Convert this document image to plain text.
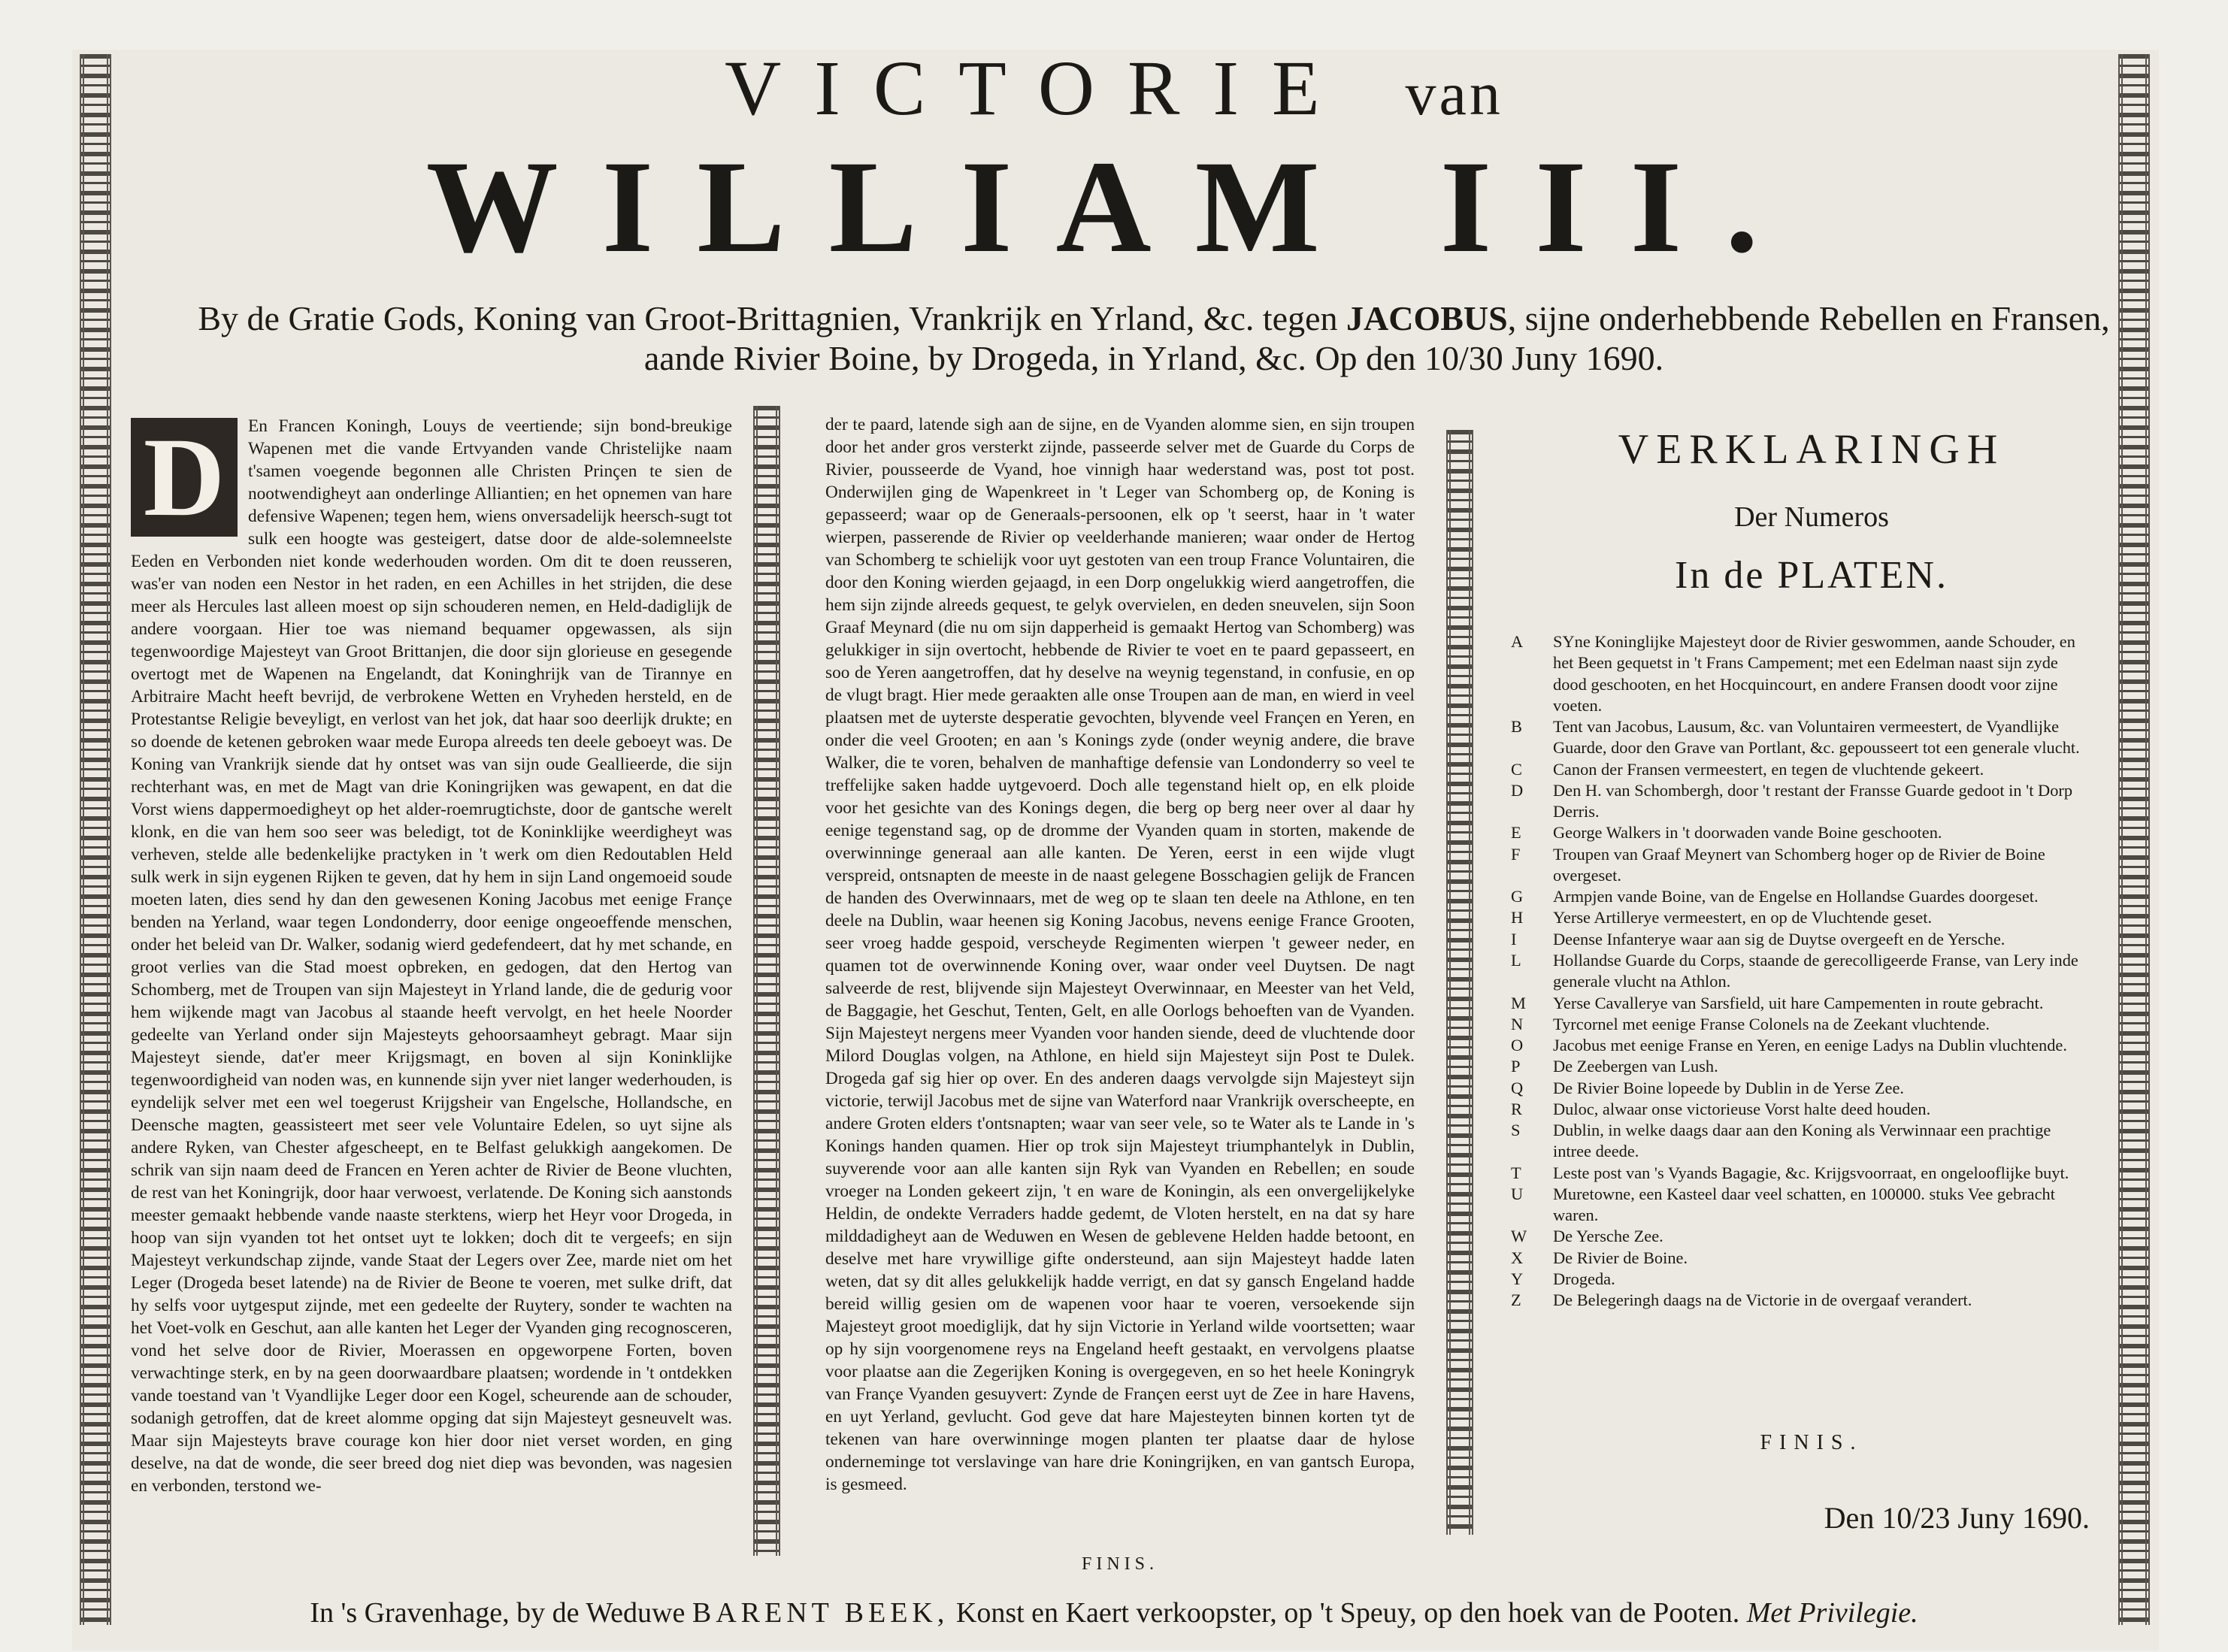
VICTORIE van
WILLIAM III.
By de Gratie Gods, Koning van Groot-Brittagnien, Vrankrijk en Yrland, &c. tegen JACOBUS, sijne onderhebbende Rebellen en Fransen, aande Rivier Boine, by Drogeda, in Yrland, &c. Op den 10/30 Juny 1690.
D	En Francen Koningh, Louys de veertiende; sijn bond-breukige Wapenen met die vande Ertvyanden vande Christelijke naam t'samen voegende begonnen alle Christen Prinçen te sien de nootwendigheyt aan onderlinge Alliantien; en het opnemen van hare defensive Wapenen; tegen hem, wiens onversadelijk heersch-sugt tot sulk een hoogte was gesteigert, datse door de alde-solemneelste Eeden en Verbonden niet konde wederhouden worden. Om dit te doen reusseren, was'er van noden een Nestor in het raden, en een Achilles in het strijden, die dese meer als Hercules last alleen moest op sijn schouderen nemen, en Held-dadiglijk de andere voorgaan. Hier toe was niemand bequamer opgewassen, als sijn tegenwoordige Majesteyt van Groot Brittanjen, die door sijn glorieuse en gesegende overtogt met de Wapenen na Engelandt, dat Koninghrijk van de Tirannye en Arbitraire Macht heeft bevrijd, de verbrokene Wetten en Vryheden hersteld, en de Protestantse Religie beveyligt, en verlost van het jok, dat haar soo deerlijk drukte; en so doende de ketenen gebroken waar mede Europa alreeds ten deele geboeyt was. De Koning van Vrankrijk siende dat hy ontset was van sijn oude Geallieerde, die sijn rechterhant was, en met de Magt van drie Koningrijken was gewapent, en dat die Vorst wiens dappermoedigheyt op het alder-roemrugtichste, door de gantsche werelt klonk, en die van hem soo seer was beledigt, tot de Koninklijke weerdigheyt was verheven, stelde alle bedenkelijke practyken in 't werk om dien Redoutablen Held sulk werk in sijn eygenen Rijken te geven, dat hy hem in sijn Land ongemoeid soude moeten laten, dies send hy dan den gewesenen Koning Jacobus met eenige Françe benden na Yerland, waar tegen Londonderry, door eenige ongeoeffende menschen, onder het beleid van Dr. Walker, sodanig wierd gedefendeert, dat hy met schande, en groot verlies van die Stad moest opbreken, en gedogen, dat den Hertog van Schomberg, met de Troupen van sijn Majesteyt in Yrland lande, die de gedurig voor hem wijkende magt van Jacobus al staande heeft vervolgt, en het heele Noorder gedeelte van Yerland onder sijn Majesteyts gehoorsaamheyt gebragt. Maar sijn Majesteyt siende, dat'er meer Krijgsmagt, en boven al sijn Koninklijke tegenwoordigheid van noden was, en kunnende sijn yver niet langer wederhouden, is eyndelijk selver met een wel toegerust Krijgsheir van Engelsche, Hollandsche, en Deensche magten, geassisteert met seer vele Voluntaire Edelen, so uyt sijne als andere Ryken, van Chester afgescheept, en te Belfast gelukkigh aangekomen. De schrik van sijn naam deed de Francen en Yeren achter de Rivier de Beone vluchten, de rest van het Koningrijk, door haar verwoest, verlatende. De Koning sich aanstonds meester gemaakt hebbende vande naaste sterktens, wierp het Heyr voor Drogeda, in hoop van sijn vyanden tot het ontset uyt te lokken; doch dit te vergeefs; en sijn Majesteyt verkundschap zijnde, vande Staat der Legers over Zee, marde niet om het Leger (Drogeda beset latende) na de Rivier de Beone te voeren, met sulke drift, dat hy selfs voor uytgesput zijnde, met een gedeelte der Ruytery, sonder te wachten na het Voet-volk en Geschut, aan alle kanten het Leger der Vyanden ging recognosceren, vond het selve door de Rivier, Moerassen en opgeworpene Forten, boven verwachtinge sterk, en by na geen doorwaardbare plaatsen; wordende in 't ontdekken vande toestand van 't Vyandlijke Leger door een Kogel, scheurende aan de schouder, sodanigh getroffen, dat de kreet alomme opging dat sijn Majesteyt gesneuvelt was. Maar sijn Majesteyts brave courage kon hier door niet verset worden, en ging deselve, na dat de wonde, die seer breed dog niet diep was bevonden, was nagesien en verbonden, terstond we-
der te paard, latende sigh aan de sijne, en de Vyanden alomme sien, en sijn troupen door het ander gros versterkt zijnde, passeerde selver met de Guarde du Corps de Rivier, pousseerde de Vyand, hoe vinnigh haar wederstand was, post tot post. Onderwijlen ging de Wapenkreet in 't Leger van Schomberg op, de Koning is gepasseerd; waar op de Generaals-persoonen, elk op 't seerst, haar in 't water wierpen, passerende de Rivier op veelderhande manieren; waar onder de Hertog van Schomberg te schielijk voor uyt gestoten van een troup France Voluntairen, die door den Koning wierden gejaagd, in een Dorp ongelukkig wierd aangetroffen, die hem sijn zijnde alreeds gequest, te gelyk overvielen, en deden sneuvelen, sijn Soon Graaf Meynard (die nu om sijn dapperheid is gemaakt Hertog van Schomberg) was gelukkiger in sijn overtocht, hebbende de Rivier te voet en te paard gepasseert, en soo de Yeren aangetroffen, dat hy deselve na weynig tegenstand, in confusie, en op de vlugt bragt. Hier mede geraakten alle onse Troupen aan de man, en wierd in veel plaatsen met de uyterste desperatie gevochten, blyvende veel Françen en Yeren, en onder die veel Grooten; en aan 's Konings zyde (onder weynig andere, die brave Walker, die te voren, behalven de manhaftige defensie van Londonderry so veel te treffelijke saken hadde uytgevoerd. Doch alle tegenstand hielt op, en elk ploide voor het gesichte van des Konings degen, die berg op berg neer over al daar hy eenige tegenstand sag, op de dromme der Vyanden quam in storten, makende de overwinninge generaal aan alle kanten. De Yeren, eerst in een wijde vlugt verspreid, ontsnapten de meeste in de naast gelegene Bosschagien gelijk de Francen de handen des Overwinnaars, met de weg op te slaan ten deele na Athlone, en ten deele na Dublin, waar heenen sig Koning Jacobus, nevens eenige France Grooten, seer vroeg hadde gespoid, verscheyde Regimenten wierpen 't geweer neder, en quamen tot de overwinnende Koning over, waar onder veel Duytsen. De nagt salveerde de rest, blijvende sijn Majesteyt Overwinnaar, en Meester van het Veld, de Baggagie, het Geschut, Tenten, Gelt, en alle Oorlogs behoeften van de Vyanden. Sijn Majesteyt nergens meer Vyanden voor handen siende, deed de vluchtende door Milord Douglas volgen, na Athlone, en hield sijn Majesteyt sijn Post te Dulek. Drogeda gaf sig hier op over. En des anderen daags vervolgde sijn Majesteyt sijn victorie, terwijl Jacobus met de sijne van Waterford naar Vrankrijk overscheepte, en andere Groten elders t'ontsnapten; waar van seer vele, so te Water als te Lande in 's Konings handen quamen. Hier op trok sijn Majesteyt triumphantelyk in Dublin, suyverende voor aan alle kanten sijn Ryk van Vyanden en Rebellen; en soude vroeger na Londen gekeert zijn, 't en ware de Koningin, als een onvergelijkelyke Heldin, de ondekte Verraders hadde gedemt, de Vloten herstelt, en na dat sy hare milddadigheyt aan de Weduwen en Wesen de geblevene Helden hadde betoont, en deselve met hare vrywillige gifte ondersteund, aan sijn Majesteyt hadde laten weten, dat sy dit alles gelukkelijk hadde verrigt, en dat sy gansch Engeland hadde bereid willig gesien om de wapenen voor haar te voeren, versoekende sijn Majesteyt groot moediglijk, dat hy sijn Victorie in Yerland wilde voortsetten; waar op hy sijn voorgenomene reys na Engeland heeft gestaakt, en vervolgens plaatse voor plaatse aan die Zegerijken Koning is overgegeven, en so het heele Koningryk van Françe Vyanden gesuyvert: Zynde de Françen eerst uyt de Zee in hare Havens, en uyt Yerland, gevlucht. God geve dat hare Majesteyten binnen korten tyt de tekenen van hare overwinninge mogen planten ter plaatse daar de hylose onderneminge tot verslavinge van hare drie Koningrijken, en van gantsch Europa, is gesmeed.
FINIS.
VERKLARINGH
Der Numeros
In de PLATEN.
A	SYne Koninglijke Majesteyt door de Rivier geswommen, aande Schouder, en het Been gequetst in 't Frans Campement; met een Edelman naast sijn zyde dood geschooten, en het Hocquincourt, en andere Fransen doodt voor zijne voeten.
B	Tent van Jacobus, Lausum, &c. van Voluntairen vermeestert, de Vyandlijke Guarde, door den Grave van Portlant, &c. gepousseert tot een generale vlucht.
C	Canon der Fransen vermeestert, en tegen de vluchtende gekeert.
D	Den H. van Schombergh, door 't restant der Fransse Guarde gedoot in 't Dorp Derris.
E	George Walkers in 't doorwaden vande Boine geschooten.
F	Troupen van Graaf Meynert van Schomberg hoger op de Rivier de Boine overgeset.
G	Armpjen vande Boine, van de Engelse en Hollandse Guardes doorgeset.
H	Yerse Artillerye vermeestert, en op de Vluchtende geset.
I	Deense Infanterye waar aan sig de Duytse overgeeft en de Yersche.
L	Hollandse Guarde du Corps, staande de gerecolligeerde Franse, van Lery inde generale vlucht na Athlon.
M	Yerse Cavallerye van Sarsfield, uit hare Campementen in route gebracht.
N	Tyrcornel met eenige Franse Colonels na de Zeekant vluchtende.
O	Jacobus met eenige Franse en Yeren, en eenige Ladys na Dublin vluchtende.
P	De Zeebergen van Lush.
Q	De Rivier Boine lopeede by Dublin in de Yerse Zee.
R	Duloc, alwaar onse victorieuse Vorst halte deed houden.
S	Dublin, in welke daags daar aan den Koning als Verwinnaar een prachtige intree deede.
T	Leste post van 's Vyands Bagagie, &c. Krijgsvoorraat, en ongelooflijke buyt.
U	Muretowne, een Kasteel daar veel schatten, en 100000. stuks Vee gebracht waren.
W	De Yersche Zee.
X	De Rivier de Boine.
Y	Drogeda.
Z	De Belegeringh daags na de Victorie in de overgaaf verandert.
FINIS.
Den 10/23 Juny 1690.
In 's Gravenhage, by de Weduwe BARENT BEEK, Konst en Kaert verkoopster, op 't Speuy, op den hoek van de Pooten. Met Privilegie.
